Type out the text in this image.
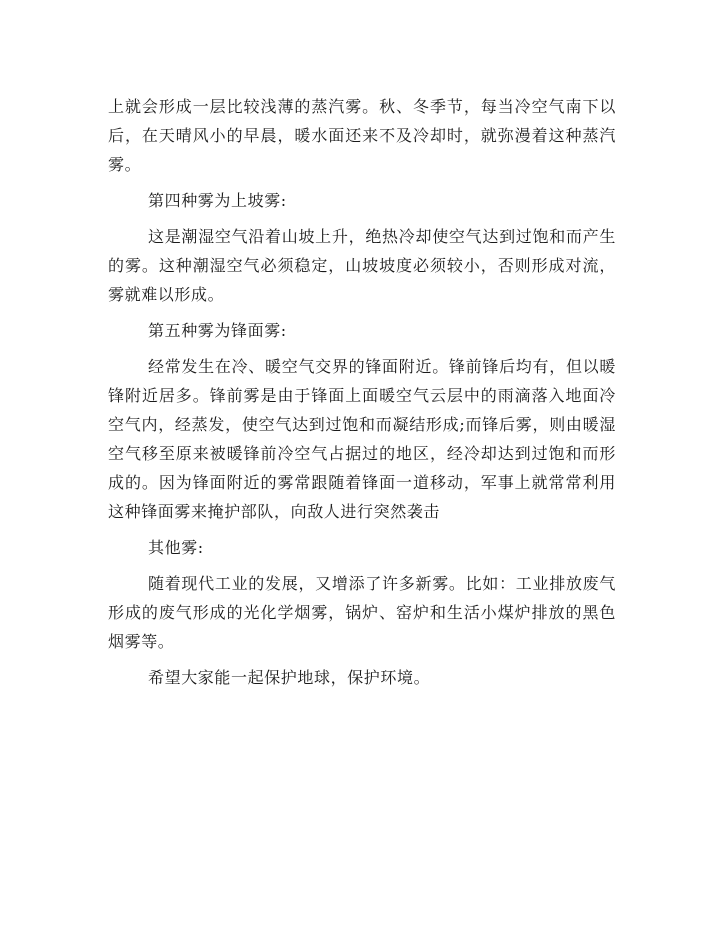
上就会形成一层比较浅薄的蒸汽雾。秋、冬季节，每当冷空气南下以后，在天晴风小的早晨，暖水面还来不及冷却时，就弥漫着这种蒸汽雾。

第四种雾为上坡雾:

这是潮湿空气沿着山坡上升，绝热冷却使空气达到过饱和而产生的雾。这种潮湿空气必须稳定，山坡坡度必须较小，否则形成对流，雾就难以形成。

第五种雾为锋面雾:

经常发生在冷、暖空气交界的锋面附近。锋前锋后均有，但以暖锋附近居多。锋前雾是由于锋面上面暖空气云层中的雨滴落入地面冷空气内，经蒸发，使空气达到过饱和而凝结形成;而锋后雾，则由暖湿空气移至原来被暖锋前冷空气占据过的地区，经冷却达到过饱和而形成的。因为锋面附近的雾常跟随着锋面一道移动，军事上就常常利用这种锋面雾来掩护部队，向敌人进行突然袭击

其他雾:

随着现代工业的发展，又增添了许多新雾。比如：工业排放废气形成的废气形成的光化学烟雾，锅炉、窑炉和生活小煤炉排放的黑色烟雾等。

希望大家能一起保护地球，保护环境。
